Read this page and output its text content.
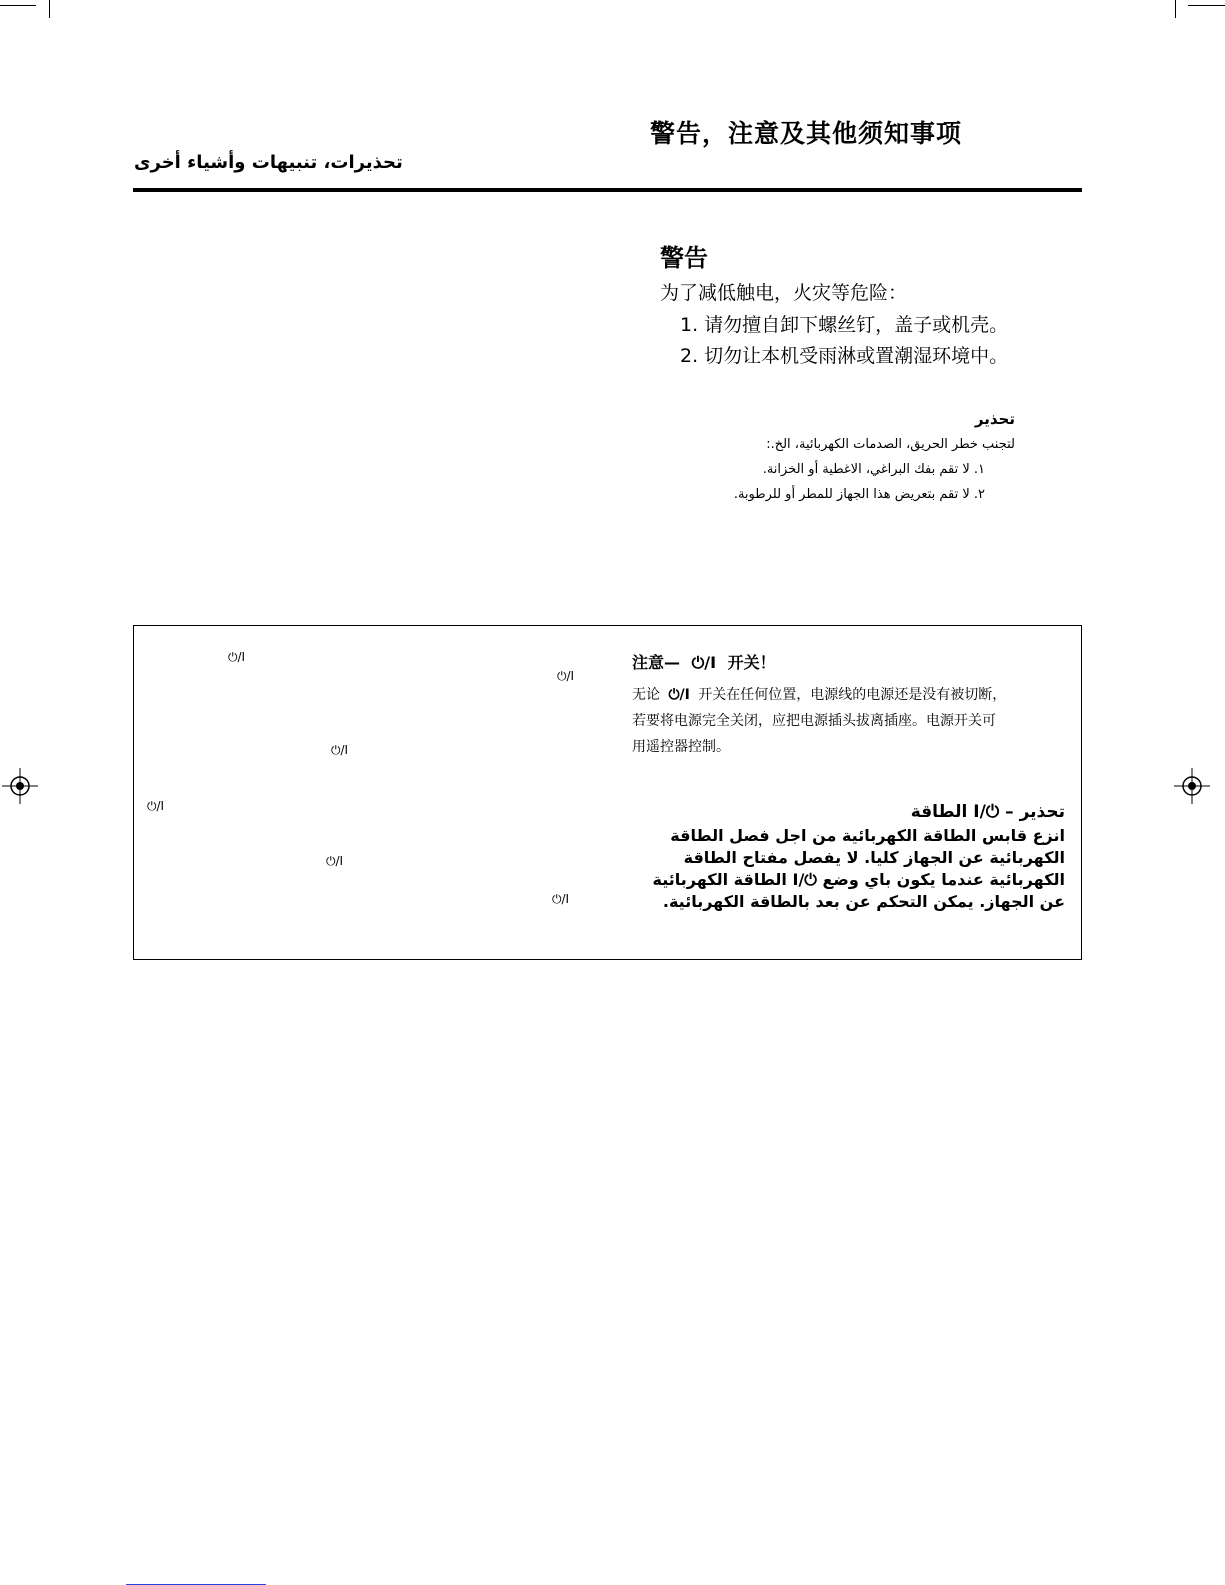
警告，注意及其他须知事项
تحذيرات، تنبيهات وأشياء أخرى
警告
为了减低触电，火灾等危险：
1. 请勿擅自卸下螺丝钉，盖子或机壳。
2. 切勿让本机受雨淋或置潮湿环境中。
تحذير
لتجنب خطر الحريق، الصدمات الكهربائية، الخ.:
١. لا تقم بفك البراغي، الاغطية أو الخزانة.
٢. لا تقم بتعريض هذا الجهاز للمطر أو للرطوبة.
⏻/I
⏻/I
⏻/I
⏻/I
⏻/I
⏻/I
注意— ⏻/I 开关！
无论 ⏻/I 开关在任何位置，电源线的电源还是没有被切断，
若要将电源完全关闭，应把电源插头拔离插座。电源开关可
用遥控器控制。
تحذير – ⏻/I الطاقة
انزع قابس الطاقة الكهربائية من اجل فصل الطاقة
الكهربائية عن الجهاز كليا. لا يفصل مفتاح الطاقة
الكهربائية عندما يكون باي وضع ⏻/I الطاقة الكهربائية
عن الجهاز. يمكن التحكم عن بعد بالطاقة الكهربائية.
